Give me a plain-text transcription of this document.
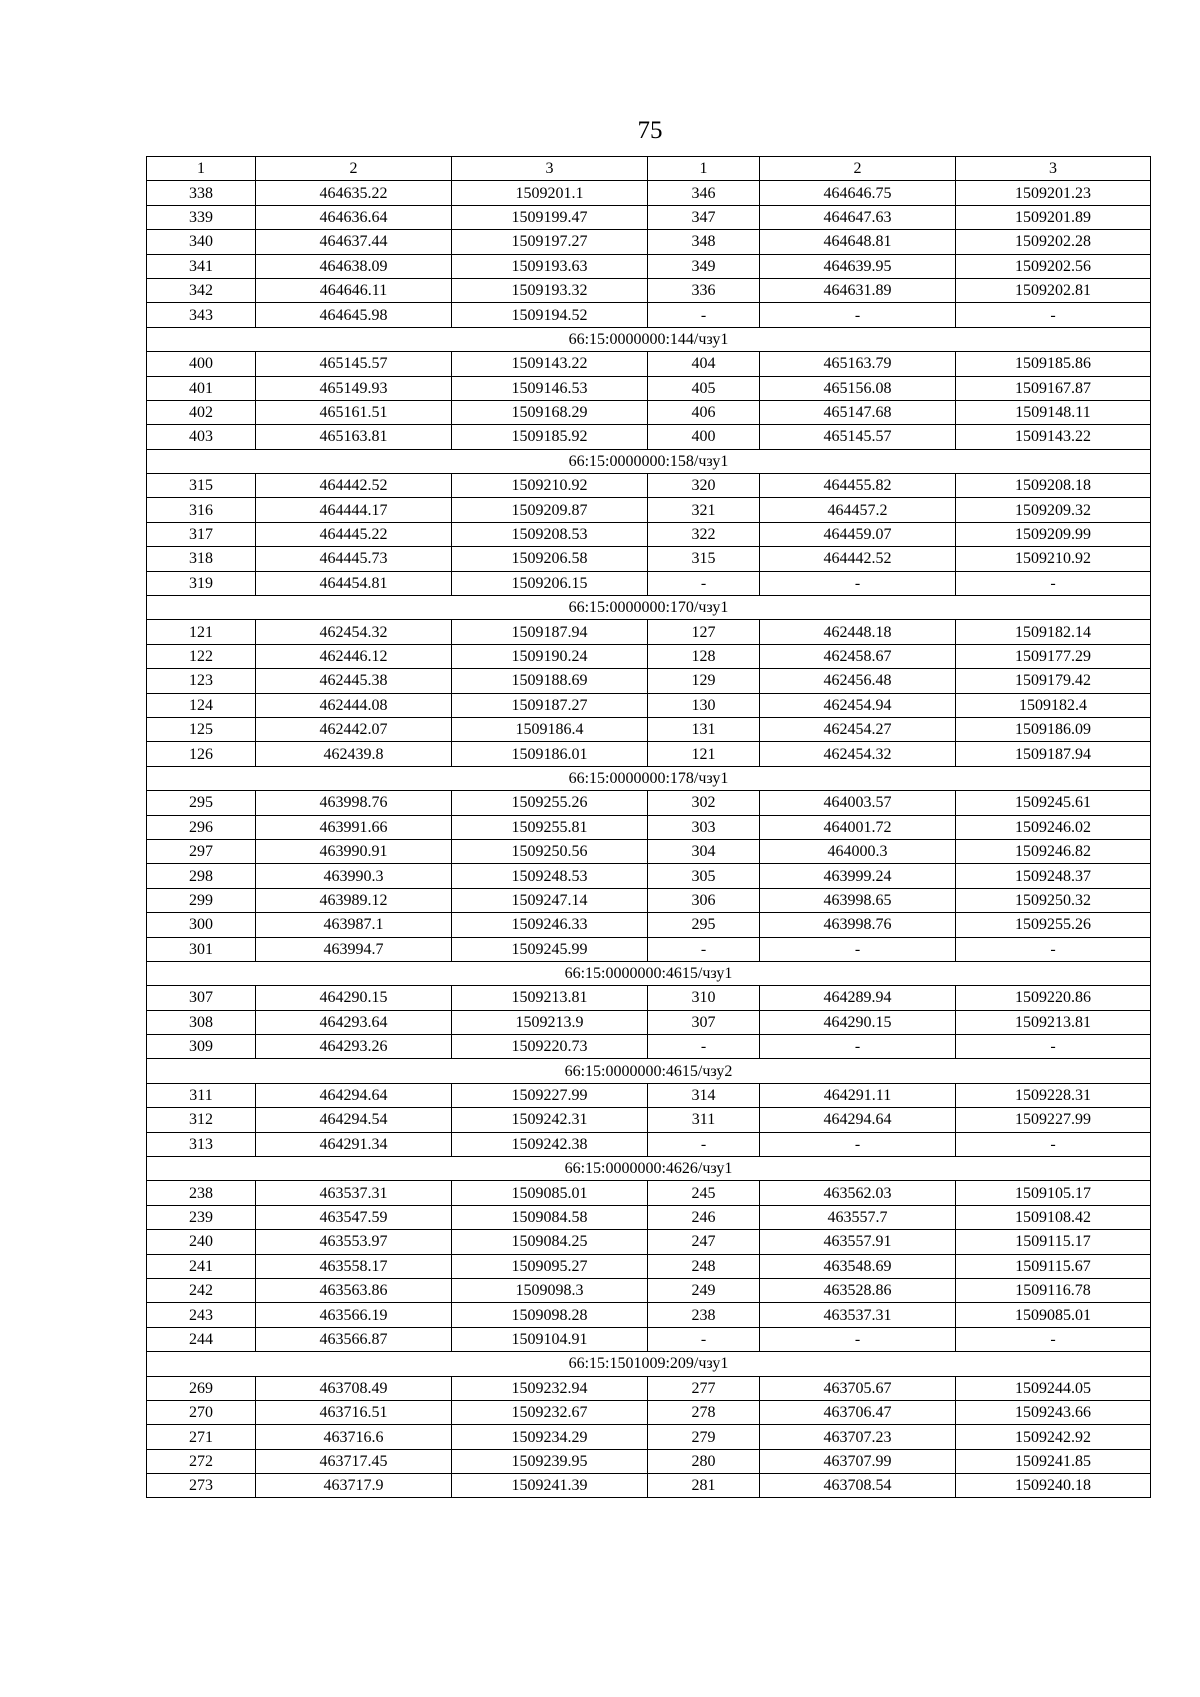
75
1	2	3	1	2	3
338	464635.22	1509201.1	346	464646.75	1509201.23
339	464636.64	1509199.47	347	464647.63	1509201.89
340	464637.44	1509197.27	348	464648.81	1509202.28
341	464638.09	1509193.63	349	464639.95	1509202.56
342	464646.11	1509193.32	336	464631.89	1509202.81
343	464645.98	1509194.52	-	-	-
66:15:0000000:144/чзу1					
400	465145.57	1509143.22	404	465163.79	1509185.86
401	465149.93	1509146.53	405	465156.08	1509167.87
402	465161.51	1509168.29	406	465147.68	1509148.11
403	465163.81	1509185.92	400	465145.57	1509143.22
66:15:0000000:158/чзу1					
315	464442.52	1509210.92	320	464455.82	1509208.18
316	464444.17	1509209.87	321	464457.2	1509209.32
317	464445.22	1509208.53	322	464459.07	1509209.99
318	464445.73	1509206.58	315	464442.52	1509210.92
319	464454.81	1509206.15	-	-	-
66:15:0000000:170/чзу1					
121	462454.32	1509187.94	127	462448.18	1509182.14
122	462446.12	1509190.24	128	462458.67	1509177.29
123	462445.38	1509188.69	129	462456.48	1509179.42
124	462444.08	1509187.27	130	462454.94	1509182.4
125	462442.07	1509186.4	131	462454.27	1509186.09
126	462439.8	1509186.01	121	462454.32	1509187.94
66:15:0000000:178/чзу1					
295	463998.76	1509255.26	302	464003.57	1509245.61
296	463991.66	1509255.81	303	464001.72	1509246.02
297	463990.91	1509250.56	304	464000.3	1509246.82
298	463990.3	1509248.53	305	463999.24	1509248.37
299	463989.12	1509247.14	306	463998.65	1509250.32
300	463987.1	1509246.33	295	463998.76	1509255.26
301	463994.7	1509245.99	-	-	-
66:15:0000000:4615/чзу1					
307	464290.15	1509213.81	310	464289.94	1509220.86
308	464293.64	1509213.9	307	464290.15	1509213.81
309	464293.26	1509220.73	-	-	-
66:15:0000000:4615/чзу2					
311	464294.64	1509227.99	314	464291.11	1509228.31
312	464294.54	1509242.31	311	464294.64	1509227.99
313	464291.34	1509242.38	-	-	-
66:15:0000000:4626/чзу1					
238	463537.31	1509085.01	245	463562.03	1509105.17
239	463547.59	1509084.58	246	463557.7	1509108.42
240	463553.97	1509084.25	247	463557.91	1509115.17
241	463558.17	1509095.27	248	463548.69	1509115.67
242	463563.86	1509098.3	249	463528.86	1509116.78
243	463566.19	1509098.28	238	463537.31	1509085.01
244	463566.87	1509104.91	-	-	-
66:15:1501009:209/чзу1					
269	463708.49	1509232.94	277	463705.67	1509244.05
270	463716.51	1509232.67	278	463706.47	1509243.66
271	463716.6	1509234.29	279	463707.23	1509242.92
272	463717.45	1509239.95	280	463707.99	1509241.85
273	463717.9	1509241.39	281	463708.54	1509240.18
